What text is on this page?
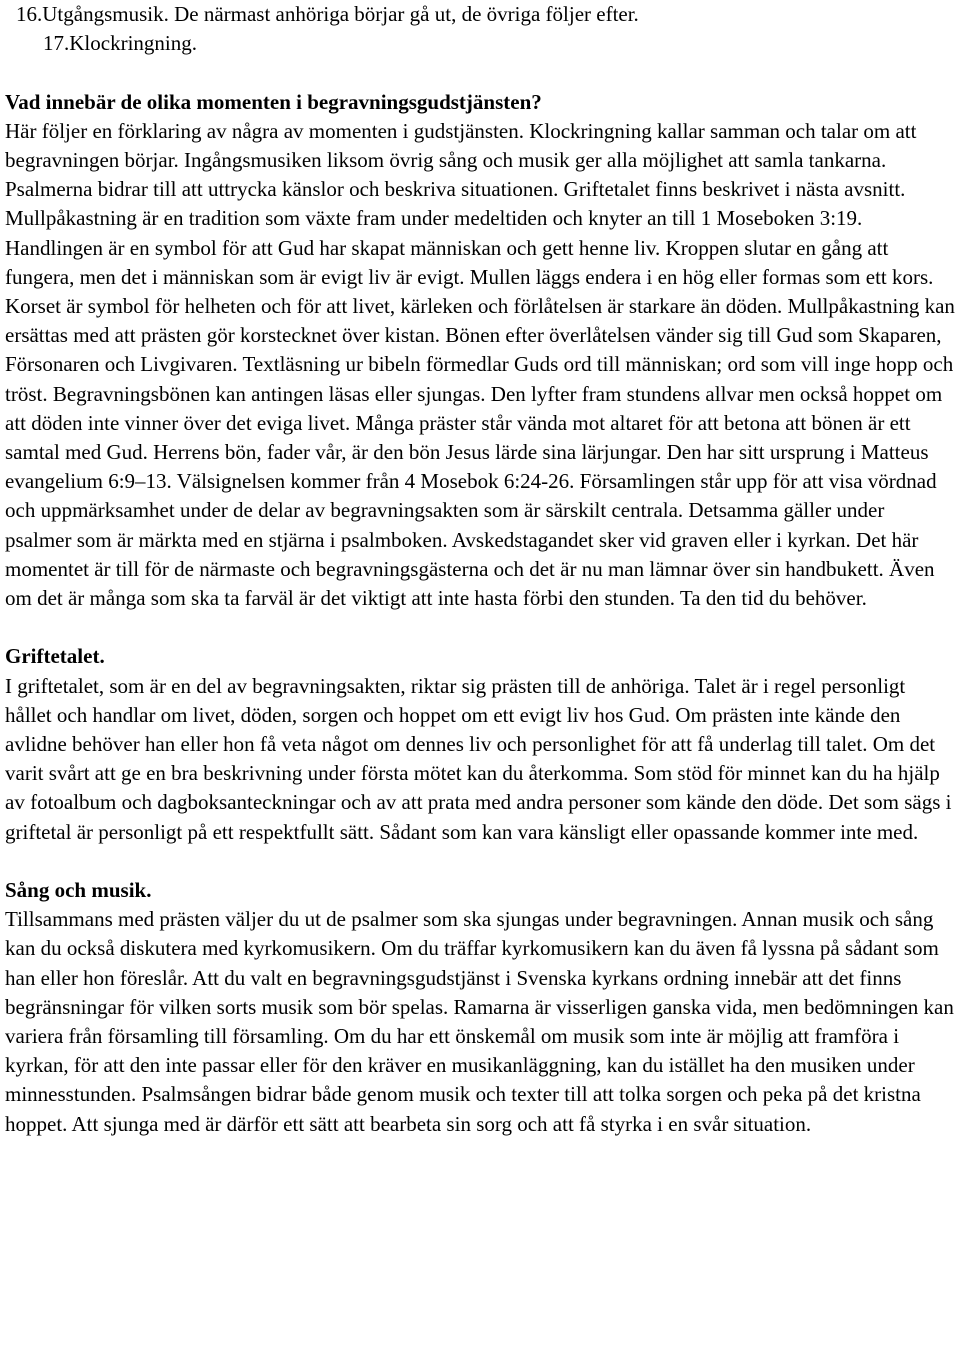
16.Utgångsmusik. De närmast anhöriga börjar gå ut, de övriga följer efter.

17.Klockringning.

Vad innebär de olika momenten i begravningsgudstjänsten?

Här följer en förklaring av några av momenten i gudstjänsten. Klockringning kallar samman och talar om att begravningen börjar. Ingångsmusiken liksom övrig sång och musik ger alla möjlighet att samla tankarna. Psalmerna bidrar till att uttrycka känslor och beskriva situationen. Griftetalet finns beskrivet i nästa avsnitt. Mullpåkastning är en tradition som växte fram under medeltiden och knyter an till 1 Moseboken 3:19. Handlingen är en symbol för att Gud har skapat människan och gett henne liv. Kroppen slutar en gång att fungera, men det i människan som är evigt liv är evigt. Mullen läggs endera i en hög eller formas som ett kors. Korset är symbol för helheten och för att livet, kärleken och förlåtelsen är starkare än döden. Mullpåkastning kan ersättas med att prästen gör korstecknet över kistan. Bönen efter överlåtelsen vänder sig till Gud som Skaparen, Försonaren och Livgivaren. Textläsning ur bibeln förmedlar Guds ord till människan; ord som vill inge hopp och tröst. Begravningsbönen kan antingen läsas eller sjungas. Den lyfter fram stundens allvar men också hoppet om att döden inte vinner över det eviga livet. Många präster står vända mot altaret för att betona att bönen är ett samtal med Gud. Herrens bön, fader vår, är den bön Jesus lärde sina lärjungar. Den har sitt ursprung i Matteus evangelium 6:9–13. Välsignelsen kommer från 4 Mosebok 6:24-26. Församlingen står upp för att visa vördnad och uppmärksamhet under de delar av begravningsakten som är särskilt centrala. Detsamma gäller under psalmer som är märkta med en stjärna i psalmboken. Avskedstagandet sker vid graven eller i kyrkan. Det här momentet är till för de närmaste och begravningsgästerna och det är nu man lämnar över sin handbukett. Även om det är många som ska ta farväl är det viktigt att inte hasta förbi den stunden. Ta den tid du behöver.

Griftetalet.

I griftetalet, som är en del av begravningsakten, riktar sig prästen till de anhöriga. Talet är i regel personligt hållet och handlar om livet, döden, sorgen och hoppet om ett evigt liv hos Gud. Om prästen inte kände den avlidne behöver han eller hon få veta något om dennes liv och personlighet för att få underlag till talet. Om det varit svårt att ge en bra beskrivning under första mötet kan du återkomma. Som stöd för minnet kan du ha hjälp av fotoalbum och dagboksanteckningar och av att prata med andra personer som kände den döde. Det som sägs i griftetal är personligt på ett respektfullt sätt. Sådant som kan vara känsligt eller opassande kommer inte med.

Sång och musik.

Tillsammans med prästen väljer du ut de psalmer som ska sjungas under begravningen. Annan musik och sång kan du också diskutera med kyrkomusikern. Om du träffar kyrkomusikern kan du även få lyssna på sådant som han eller hon föreslår. Att du valt en begravningsgudstjänst i Svenska kyrkans ordning innebär att det finns begränsningar för vilken sorts musik som bör spelas. Ramarna är visserligen ganska vida, men bedömningen kan variera från församling till församling. Om du har ett önskemål om musik som inte är möjlig att framföra i kyrkan, för att den inte passar eller för den kräver en musikanläggning, kan du istället ha den musiken under minnesstunden. Psalmsången bidrar både genom musik och texter till att tolka sorgen och peka på det kristna hoppet. Att sjunga med är därför ett sätt att bearbeta sin sorg och att få styrka i en svår situation.
